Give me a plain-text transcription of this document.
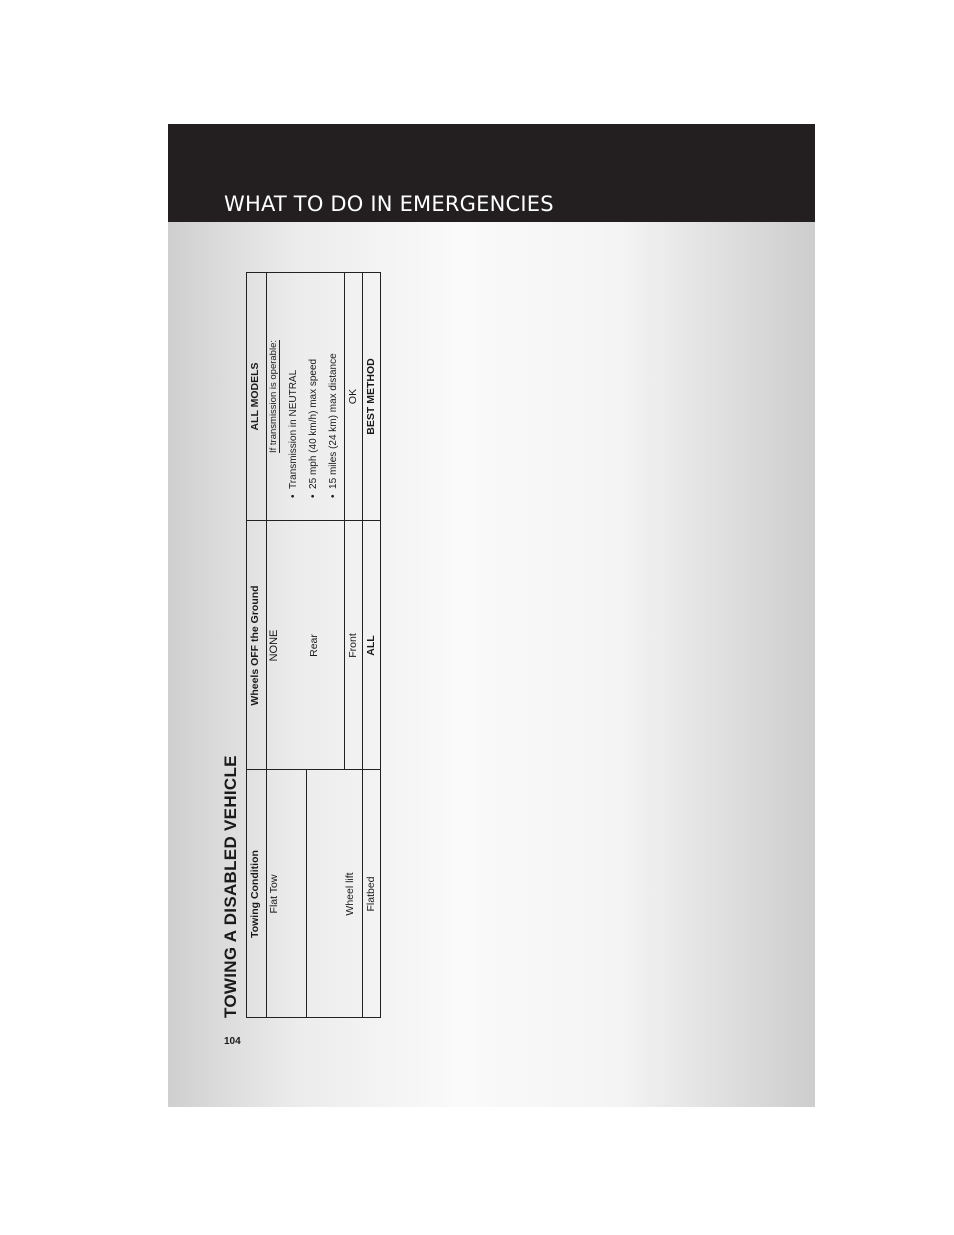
WHAT TO DO IN EMERGENCIES
TOWING A DISABLED VEHICLE Towing Condition
Wheels OFF the Ground
ALL MODELS
Flat Tow
NONE
If transmission is operable:
•  Transmission in NEUTRAL
•  25 mph (40 km/h) max speed
•  15 miles (24 km) max distance
Wheel lift
Rear	Front
OK
Flatbed
ALL
BEST METHOD
104
